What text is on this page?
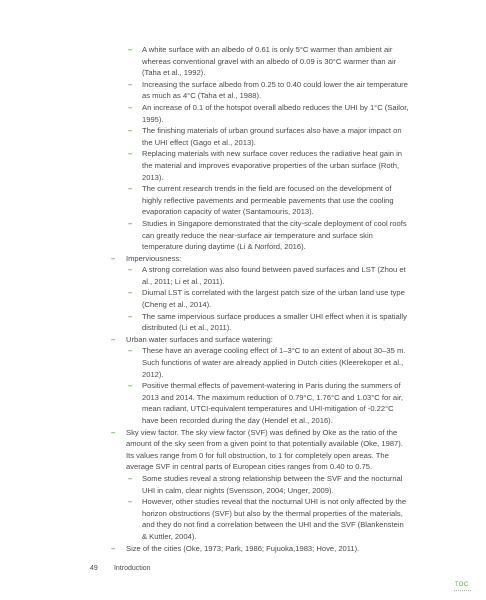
– A white surface with an albedo of 0.61 is only 5°C warmer than ambient air whereas conventional gravel with an albedo of 0.09 is 30°C warmer than air (Taha et al., 1992).
– Increasing the surface albedo from 0.25 to 0.40 could lower the air temperature as much as 4°C (Taha et al., 1988).
– An increase of 0.1 of the hotspot overall albedo reduces the UHI by 1°C (Sailor, 1995).
– The finishing materials of urban ground surfaces also have a major impact on the UHI effect (Gago et al., 2013).
– Replacing materials with new surface cover reduces the radiative heat gain in the material and improves evaporative properties of the urban surface (Roth, 2013).
– The current research trends in the field are focused on the development of highly reflective pavements and permeable pavements that use the cooling evaporation capacity of water (Santamouris, 2013).
– Studies in Singapore demonstrated that the city-scale deployment of cool roofs can greatly reduce the near-surface air temperature and surface skin temperature during daytime (Li & Norford, 2016).
– Imperviousness:
– A strong correlation was also found between paved surfaces and LST (Zhou et al., 2011; Li et al., 2011).
– Diurnal LST is correlated with the largest patch size of the urban land use type (Cheng et al., 2014).
– The same impervious surface produces a smaller UHI effect when it is spatially distributed (Li et al., 2011).
– Urban water surfaces and surface watering:
– These have an average cooling effect of 1–3°C to an extent of about 30–35 m. Such functions of water are already applied in Dutch cities (Kleerekoper et al., 2012).
– Positive thermal effects of pavement-watering in Paris during the summers of 2013 and 2014. The maximum reduction of 0.79°C, 1.76°C and 1.03°C for air, mean radiant, UTCI-equivalent temperatures and UHI-mitigation of -0.22°C have been recorded during the day (Hendel et al., 2016).
– Sky view factor. The sky view factor (SVF) was defined by Oke as the ratio of the amount of the sky seen from a given point to that potentially available (Oke, 1987). Its values range from 0 for full obstruction, to 1 for completely open areas. The average SVF in central parts of European cities ranges from 0.40 to 0.75.
– Some studies reveal a strong relationship between the SVF and the nocturnal UHI in calm, clear nights (Svensson, 2004; Unger, 2009).
– However, other studies reveal that the nocturnal UHI is not only affected by the horizon obstructions (SVF) but also by the thermal properties of the materials, and they do not find a correlation between the UHI and the SVF (Blankenstein & Kuttler, 2004).
– Size of the cities (Oke, 1973; Park, 1986; Fujuoka,1983; Hove, 2011).
49 Introduction
TOC
